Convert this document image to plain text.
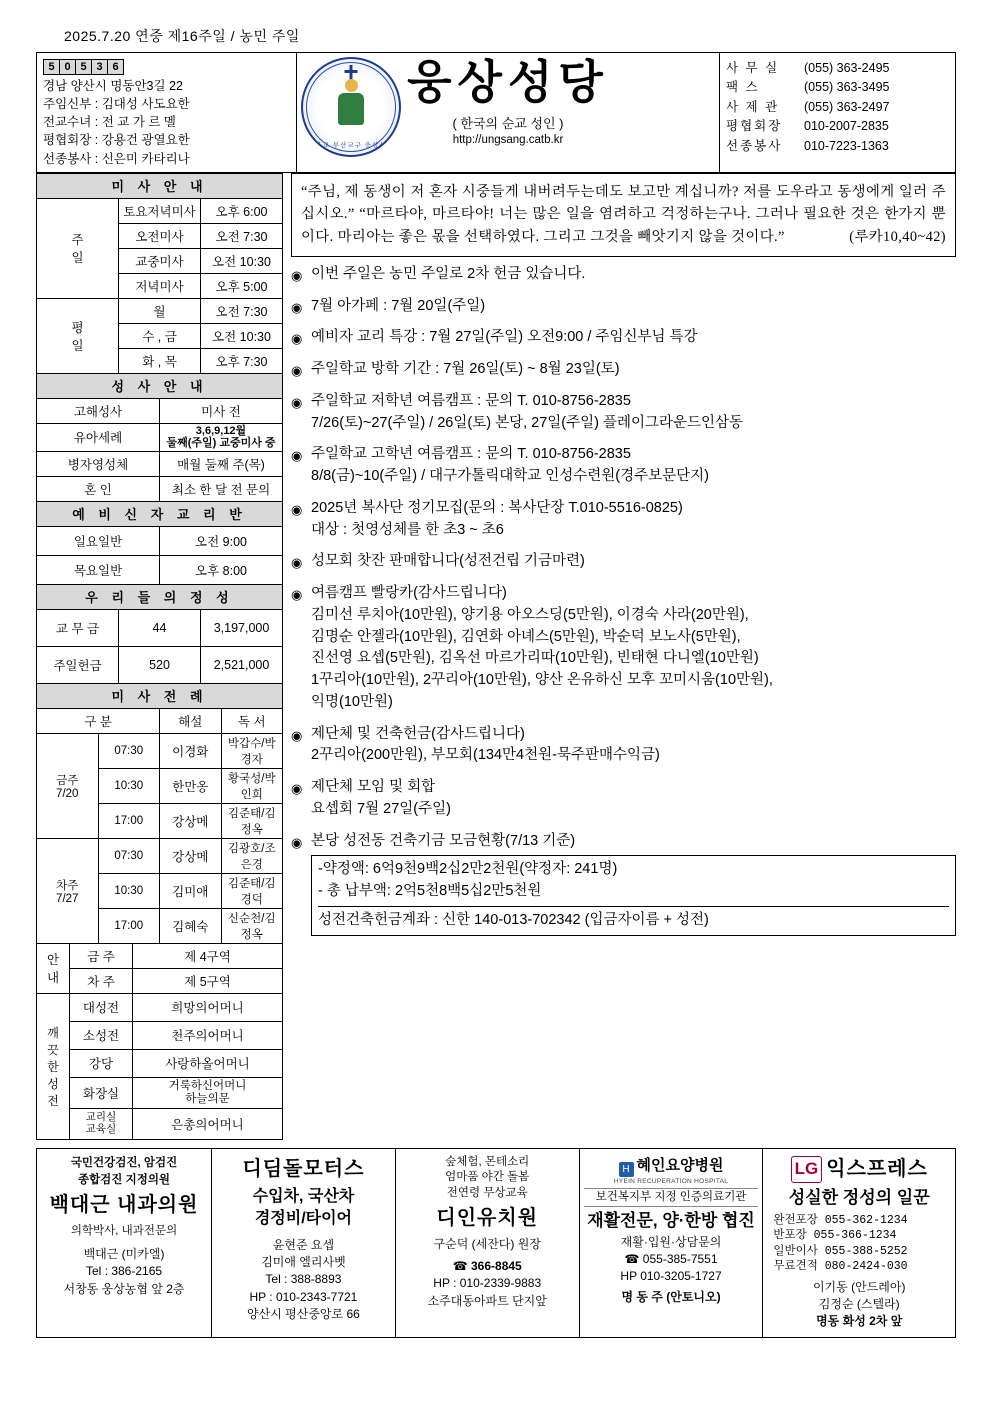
2025.7.20 연중 제16주일 / 농민 주일
5 0 5 3 6
경남 양산시 명동안3길 22
주임신부 : 김대성 사도요한
전교수녀 : 전 교 가 르 멜
평협회장 : 강용건 광열요한
선종봉사 : 신은미 카타리나

천주교 부산교구 웅상성당
웅상성당
( 한국의 순교 성인 )
http://ungsang.catb.kr

사 무 실 (055) 363-2495
팩 스	(055) 363-3495
사 제 관 (055) 363-2497
평협회장 010-2007-2835
선종봉사 010-7223-1363
미 사 안 내		
주
일	토요저녁미사	오후 6:00
	오전미사	오전 7:30
	교중미사	오전 10:30
	저녁미사	오후 5:00
평
일	월	오전 7:30
	수 , 금	오전 10:30
	화 , 목	오후 7:30
성 사 안 내	
고해성사	미사 전
유아세례	3,6,9,12월
둘째(주일) 교중미사 중
병자영성체	매월 둘째 주(목)
혼 인	최소 한 달 전 문의
예 비 신 자 교 리 반	
일요일반	오전 9:00
목요일반	오후 8:00
우 리 들 의 정 성		
교 무 금	44	3,197,000
주일헌금	520	2,521,000
미 사 전 례			
구 분		해설	독 서
금주
7/20	07:30	이경화	박갑수/박경자
	10:30	한만옹	황국성/박인희
	17:00	강상메	김준태/김정옥
차주
7/27	07:30	강상메	김광호/조은경
	10:30	김미애	김준태/김경덕
	17:00	김혜숙	신순천/김정옥
안
내	금 주	제 4구역
	차 주	제 5구역
깨
끗
한
성
전	대성전	희망의어머니
	소성전	천주의어머니
	강당	사랑하올어머니
	화장실	거룩하신어머니
하늘의문
	교리실
교육실	은총의어머니
“주님, 제 동생이 저 혼자 시중들게 내버려두는데도 보고만 계십니까? 저를 도우라고 동생에게 일러 주십시오.” “마르타야, 마르타야! 너는 많은 일을 염려하고 걱정하는구나. 그러나 필요한 것은 한가지 뿐이다. 마리아는 좋은 몫을 선택하였다. 그리고 그것을 빼앗기지 않을 것이다.”	(루카10,40~42)
◉ 이번 주일은 농민 주일로 2차 헌금 있습니다.
◉ 7월 아가페 : 7월 20일(주일)
◉ 예비자 교리 특강 : 7월 27일(주일) 오전9:00 / 주임신부님 특강
◉ 주일학교 방학 기간 : 7월 26일(토) ~ 8월 23일(토)
◉ 주일학교 저학년 여름캠프 : 문의 T. 010-8756-2835
7/26(토)~27(주일) / 26일(토) 본당, 27일(주일) 플레이그라운드인삼동
◉ 주일학교 고학년 여름캠프 : 문의 T. 010-8756-2835
8/8(금)~10(주일) / 대구가톨릭대학교 인성수련원(경주보문단지)
◉ 2025년 복사단 정기모집(문의 : 복사단장 T.010-5516-0825)
대상 : 첫영성체를 한 초3 ~ 초6
◉ 성모회 찻잔 판매합니다(성전건립 기금마련)
◉ 여름캠프 빨랑카(감사드립니다)
김미선 루치아(10만원), 양기용 아오스딩(5만원), 이경숙 사라(20만원),
김명순 안젤라(10만원), 김연화 아녜스(5만원), 박순덕 보노사(5만원),
진선영 요셉(5만원), 김옥선 마르가리따(10만원), 빈태현 다니엘(10만원)
1꾸리아(10만원), 2꾸리아(10만원), 양산 온유하신 모후 꼬미시움(10만원),
익명(10만원)
◉ 제단체 및 건축헌금(감사드립니다)
2꾸리아(200만원), 부모회(134만4천원-묵주판매수익금)
◉ 제단체 모임 및 회합
요셉회 7월 27일(주일)
◉ 본당 성전동 건축기금 모금현황(7/13 기준)
-약정액: 6억9천9백2십2만2천원(약정자: 241명)
- 총 납부액: 2억5천8백5십2만5천원
성전건축헌금계좌 : 신한 140-013-702342 (입금자이름 + 성전)
국민건강검진, 암검진
종합검진 지정의원
백대근 내과의원
의학박사, 내과전문의
백대근 (미카엘)
Tel : 386-2165
서창동 웅상농협 앞 2층

디딤돌모터스
수입차, 국산차
경정비/타이어
윤현준 요셉
김미애 엘리사벳
Tel : 388-8893
HP : 010-2343-7721
양산시 평산중앙로 66

숲체험, 몬테소리
엄마품 야간 돌봄
전연령 무상교육
디인유치원
구순덕 (세잔다) 원장
☎ 366-8845
HP : 010-2339-9883
소주대동아파트 단지앞

H 혜인요양병원
HYEIN RECUPERATION HOSPITAL
보건복지부 지정 인증의료기관
재활전문, 양·한방 협진
재활·입원·상담문의
☎ 055-385-7551
HP 010-3205-1727
명 동 주 (안토니오)

LG 익스프레스
성실한 정성의 일꾼
완전포장 055-362-1234
반포장 055-366-1234
일반이사 055-388-5252
무료견적 080-2424-030
이기동 (안드레아)
김정순 (스텔라)
명동 화성 2차 앞
